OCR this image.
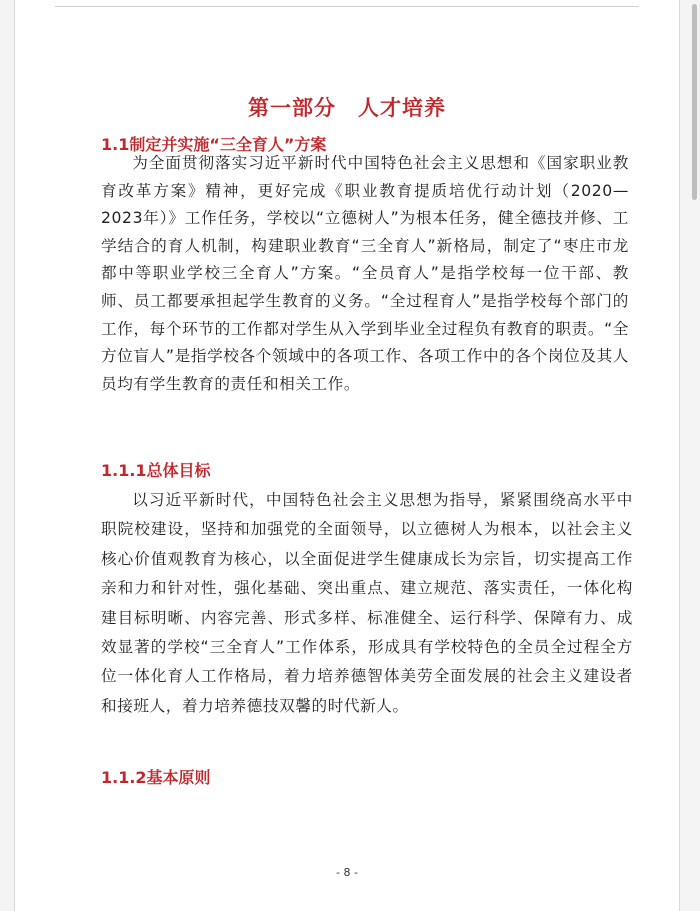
第一部分　人才培养
1.1制定并实施“三全育人”方案

为全面贯彻落实习近平新时代中国特色社会主义思想和《国家职业教育改革方案》精神，更好完成《职业教育提质培优行动计划（2020—2023年）》工作任务，学校以“立德树人”为根本任务，健全德技并修、工学结合的育人机制，构建职业教育“三全育人”新格局，制定了“枣庄市龙都中等职业学校三全育人”方案。“全员育人”是指学校每一位干部、教师、员工都要承担起学生教育的义务。“全过程育人”是指学校每个部门的工作，每个环节的工作都对学生从入学到毕业全过程负有教育的职责。“全方位盲人”是指学校各个领域中的各项工作、各项工作中的各个岗位及其人员均有学生教育的责任和相关工作。

1.1.1总体目标

以习近平新时代，中国特色社会主义思想为指导，紧紧围绕高水平中职院校建设，坚持和加强党的全面领导，以立德树人为根本，以社会主义核心价值观教育为核心，以全面促进学生健康成长为宗旨，切实提高工作亲和力和针对性，强化基础、突出重点、建立规范、落实责任，一体化构建目标明晰、内容完善、形式多样、标准健全、运行科学、保障有力、成效显著的学校“三全育人”工作体系，形成具有学校特色的全员全过程全方位一体化育人工作格局，着力培养德智体美劳全面发展的社会主义建设者和接班人，着力培养德技双馨的时代新人。

1.1.2基本原则
- 8 -
